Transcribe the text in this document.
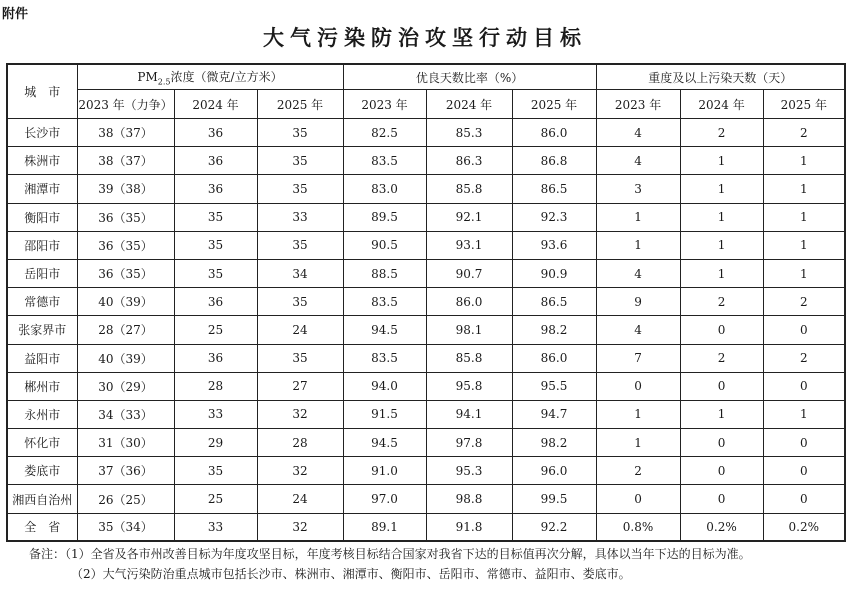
附件
大气污染防治攻坚行动目标
城　市	$PM_{2.5}$浓度（微克/立方米）			优良天数比率（%）			重度及以上污染天数（天）		
	2023 年（力争）	2024 年	2025 年	2023 年	2024 年	2025 年	2023 年	2024 年	2025 年
长沙市	38（37）	36	35	82.5	85.3	86.0	4	2	2
株洲市	38（37）	36	35	83.5	86.3	86.8	4	1	1
湘潭市	39（38）	36	35	83.0	85.8	86.5	3	1	1
衡阳市	36（35）	35	33	89.5	92.1	92.3	1	1	1
邵阳市	36（35）	35	35	90.5	93.1	93.6	1	1	1
岳阳市	36（35）	35	34	88.5	90.7	90.9	4	1	1
常德市	40（39）	36	35	83.5	86.0	86.5	9	2	2
张家界市	28（27）	25	24	94.5	98.1	98.2	4	0	0
益阳市	40（39）	36	35	83.5	85.8	86.0	7	2	2
郴州市	30（29）	28	27	94.0	95.8	95.5	0	0	0
永州市	34（33）	33	32	91.5	94.1	94.7	1	1	1
怀化市	31（30）	29	28	94.5	97.8	98.2	1	0	0
娄底市	37（36）	35	32	91.0	95.3	96.0	2	0	0
湘西自治州	26（25）	25	24	97.0	98.8	99.5	0	0	0
全　省	35（34）	33	32	89.1	91.8	92.2	0.8%	0.2%	0.2%
备注：（1）全省及各市州改善目标为年度攻坚目标，年度考核目标结合国家对我省下达的目标值再次分解，具体以当年下达的目标为准。
（2）大气污染防治重点城市包括长沙市、株洲市、湘潭市、衡阳市、岳阳市、常德市、益阳市、娄底市。
